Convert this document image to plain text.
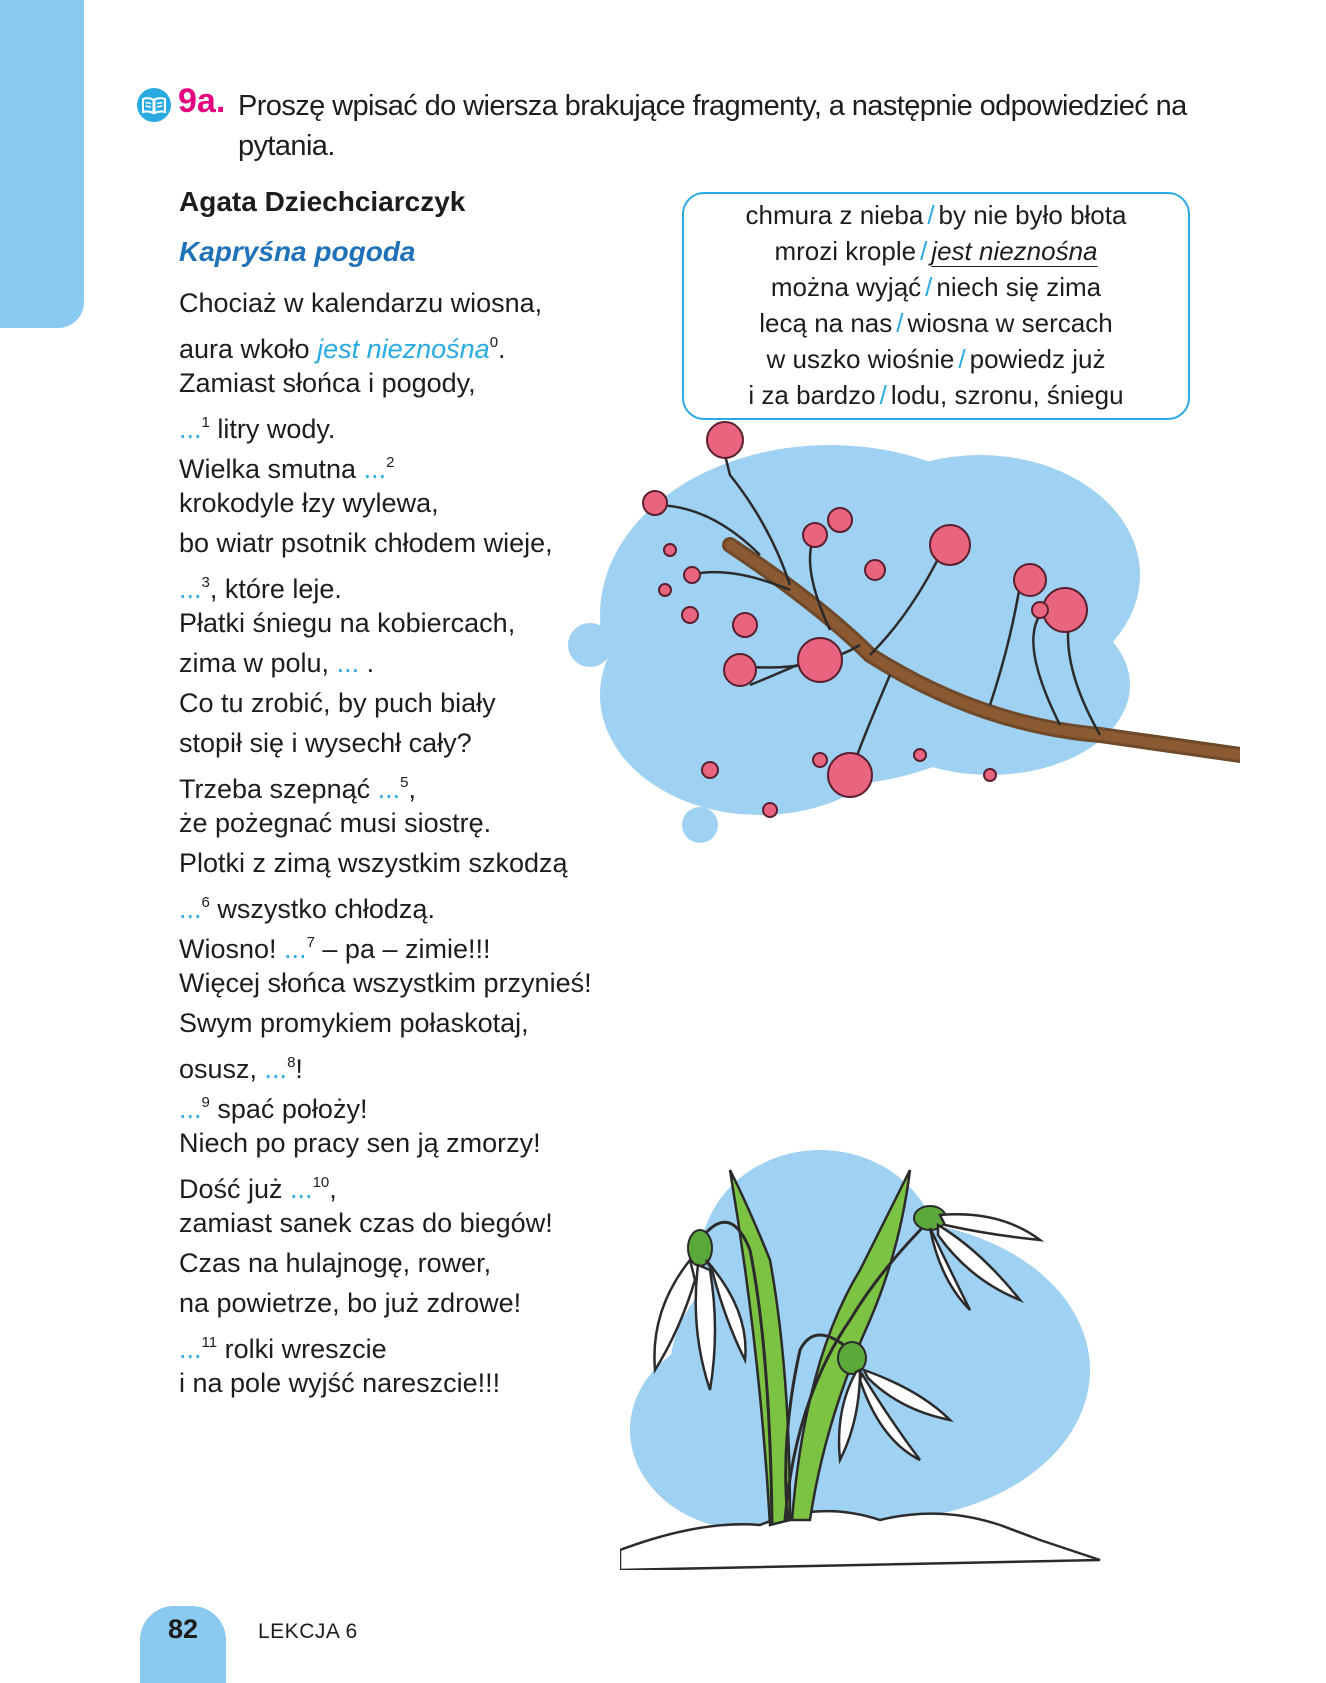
9a. Proszę wpisać do wiersza brakujące fragmenty, a następnie odpowiedzieć na pytania.
Agata Dziechciarczyk
Kapryśna pogoda
Chociaż w kalendarzu wiosna,
aura wkoło jest nieznośna$^0$.
Zamiast słońca i pogody,
...$^1$ litry wody.
Wielka smutna ...$^2$
krokodyle łzy wylewa,
bo wiatr psotnik chłodem wieje,
...$^3$, które leje.
Płatki śniegu na kobiercach,
zima w polu, ... .
Co tu zrobić, by puch biały
stopił się i wysechł cały?
Trzeba szepnąć ...$^5$,
że pożegnać musi siostrę.
Plotki z zimą wszystkim szkodzą
...$^6$ wszystko chłodzą.
Wiosno! ...$^7$ – pa – zimie!!!
Więcej słońca wszystkim przynieś!
Swym promykiem połaskotaj,
osusz, ...$^8$!
...$^9$ spać położy!
Niech po pracy sen ją zmorzy!
Dość już ...$^{10}$,
zamiast sanek czas do biegów!
Czas na hulajnogę, rower,
na powietrze, bo już zdrowe!
...$^{11}$ rolki wreszcie
i na pole wyjść nareszcie!!!
chmura z nieba / by nie było błota
mrozi krople / jest nieznośna
można wyjąć / niech się zima
lecą na nas / wiosna w sercach
w uszko wiośnie / powiedz już
i za bardzo / lodu, szronu, śniegu
82	LEKCJA 6
